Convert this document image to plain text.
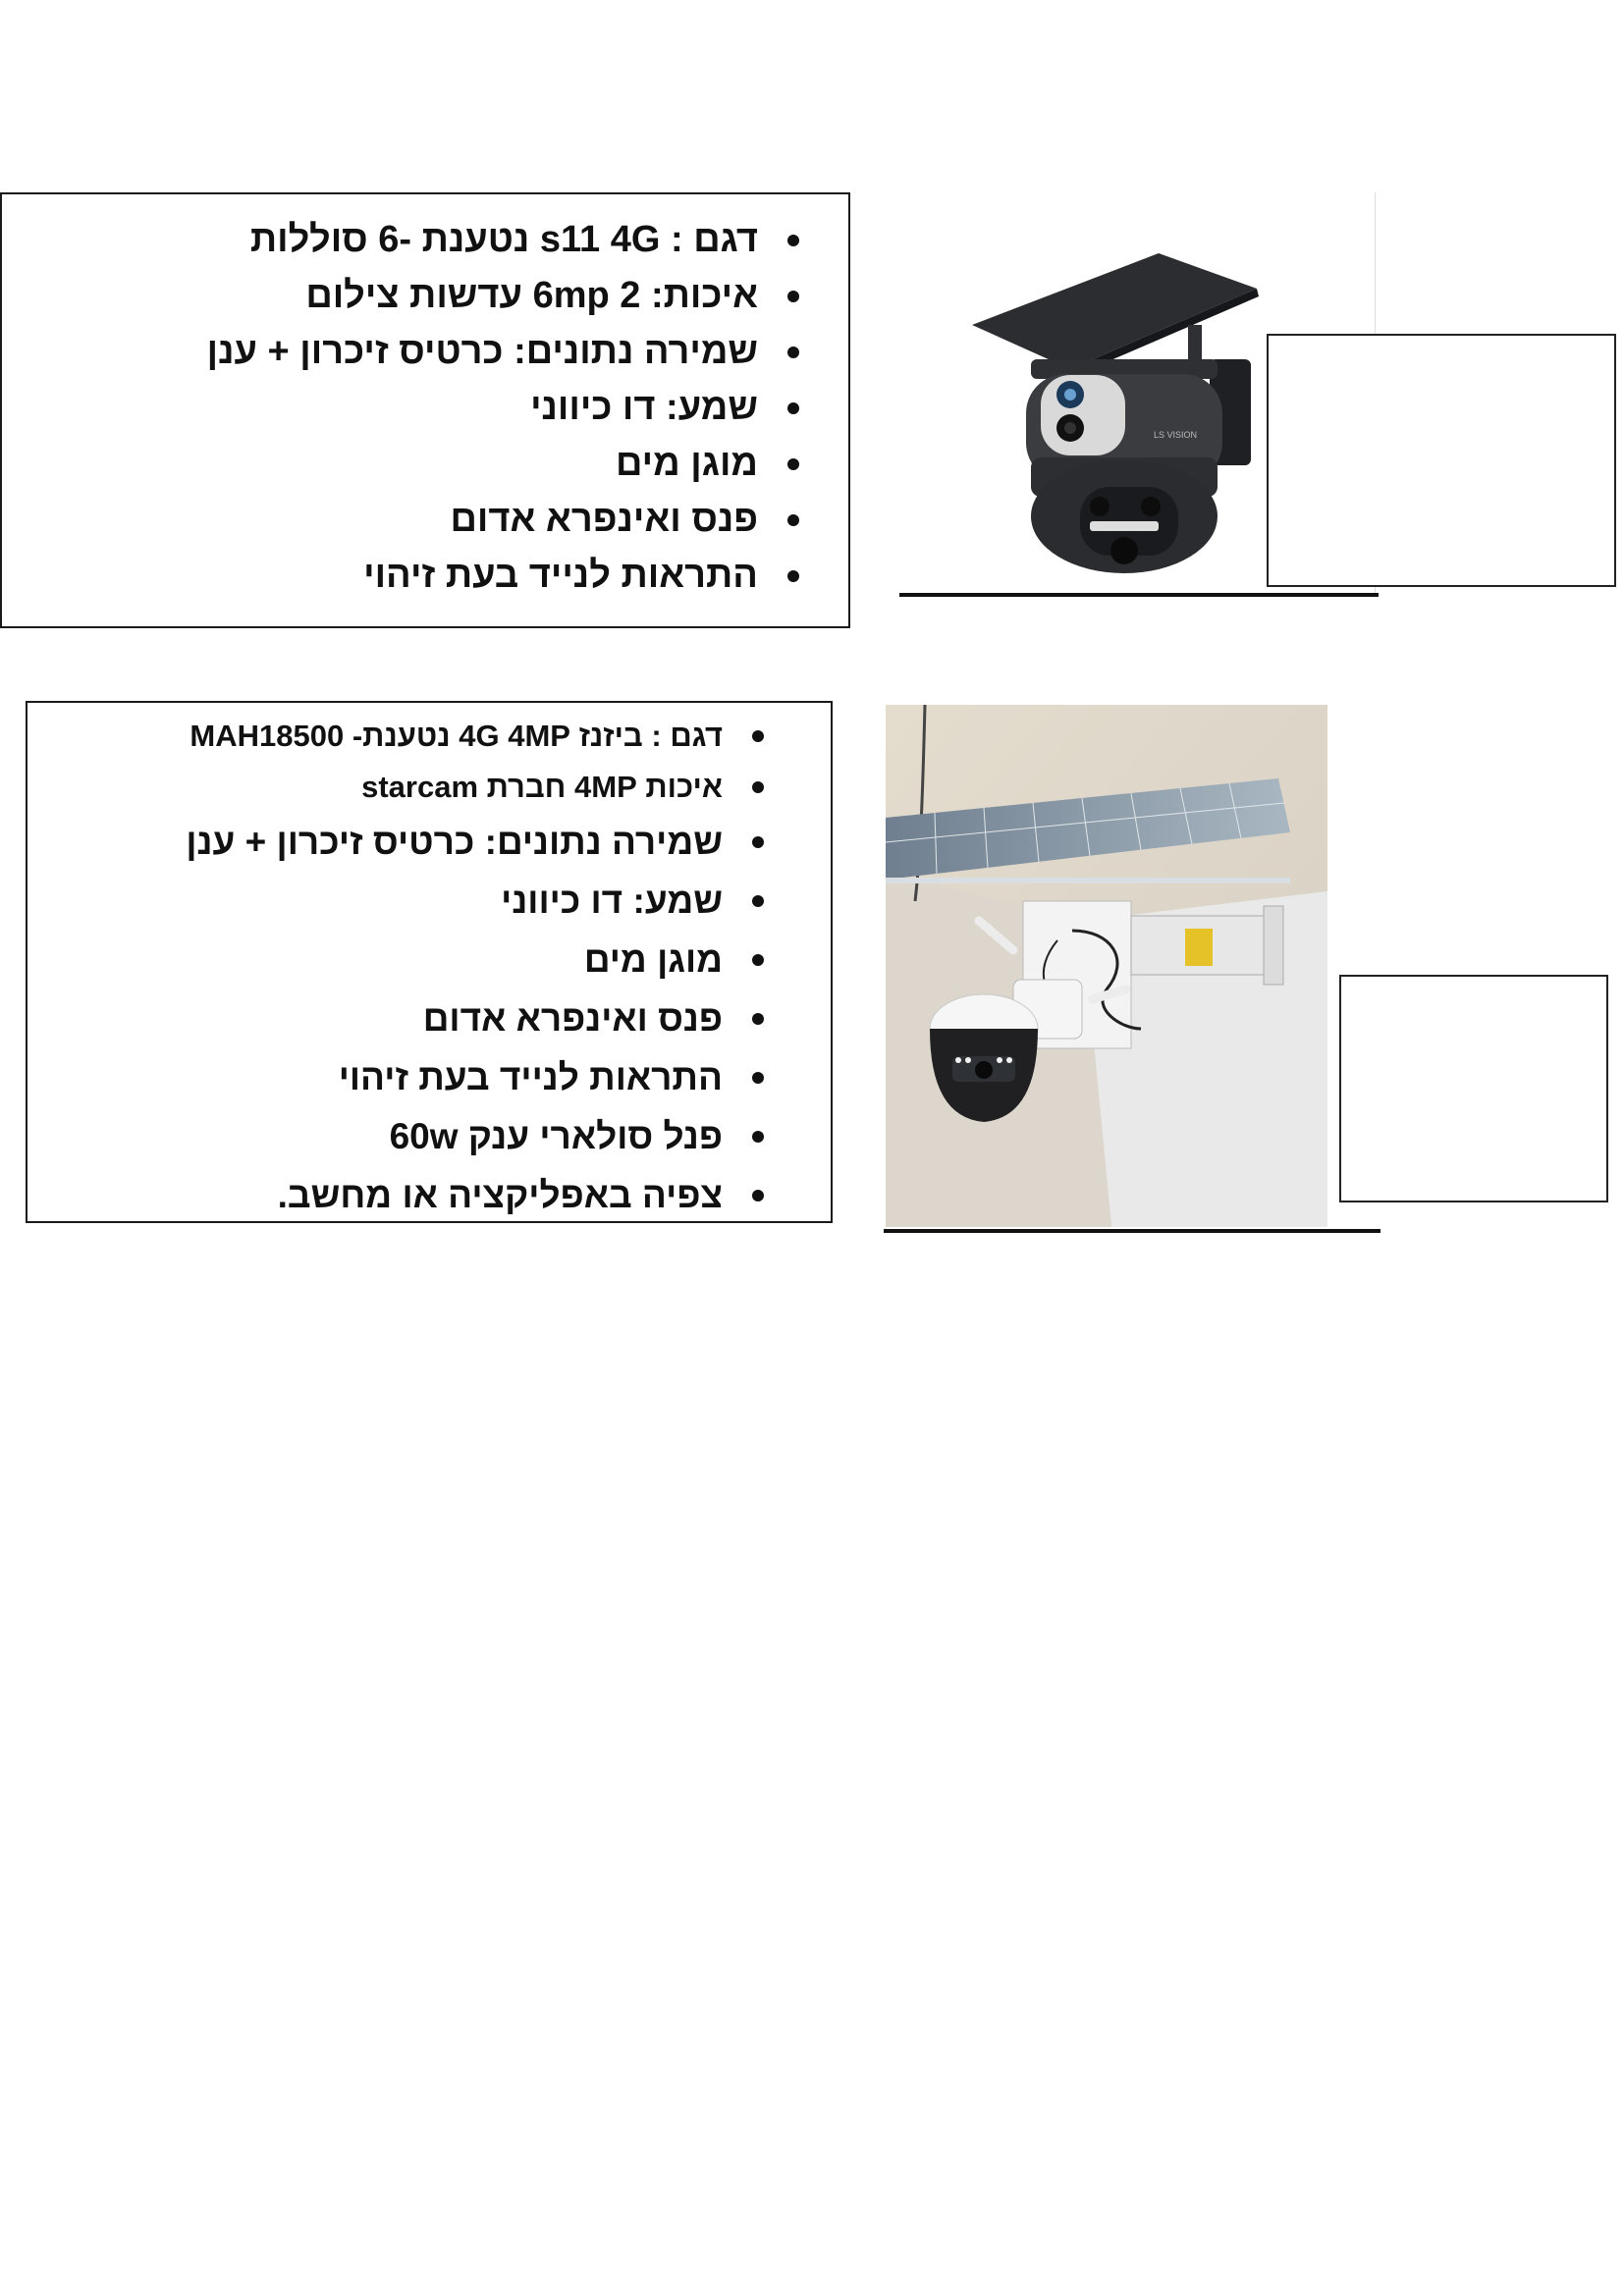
דגם : s11 4G נטענת -6 סוללות
איכות: 6mp 2 עדשות צילום
שמירה נתונים: כרטיס זיכרון + ענן
שמע: דו כיווני
מוגן מים
פנס ואינפרא אדום
התראות לנייד בעת זיהוי
LS VISION
דגם : ביזנז 4G 4MP נטענת- MAH18500
איכות 4MP חברת starcam
שמירה נתונים: כרטיס זיכרון + ענן
שמע: דו כיווני
מוגן מים
פנס ואינפרא אדום
התראות לנייד בעת זיהוי
פנל סולארי ענק 60w
צפיה באפליקציה או מחשב.
